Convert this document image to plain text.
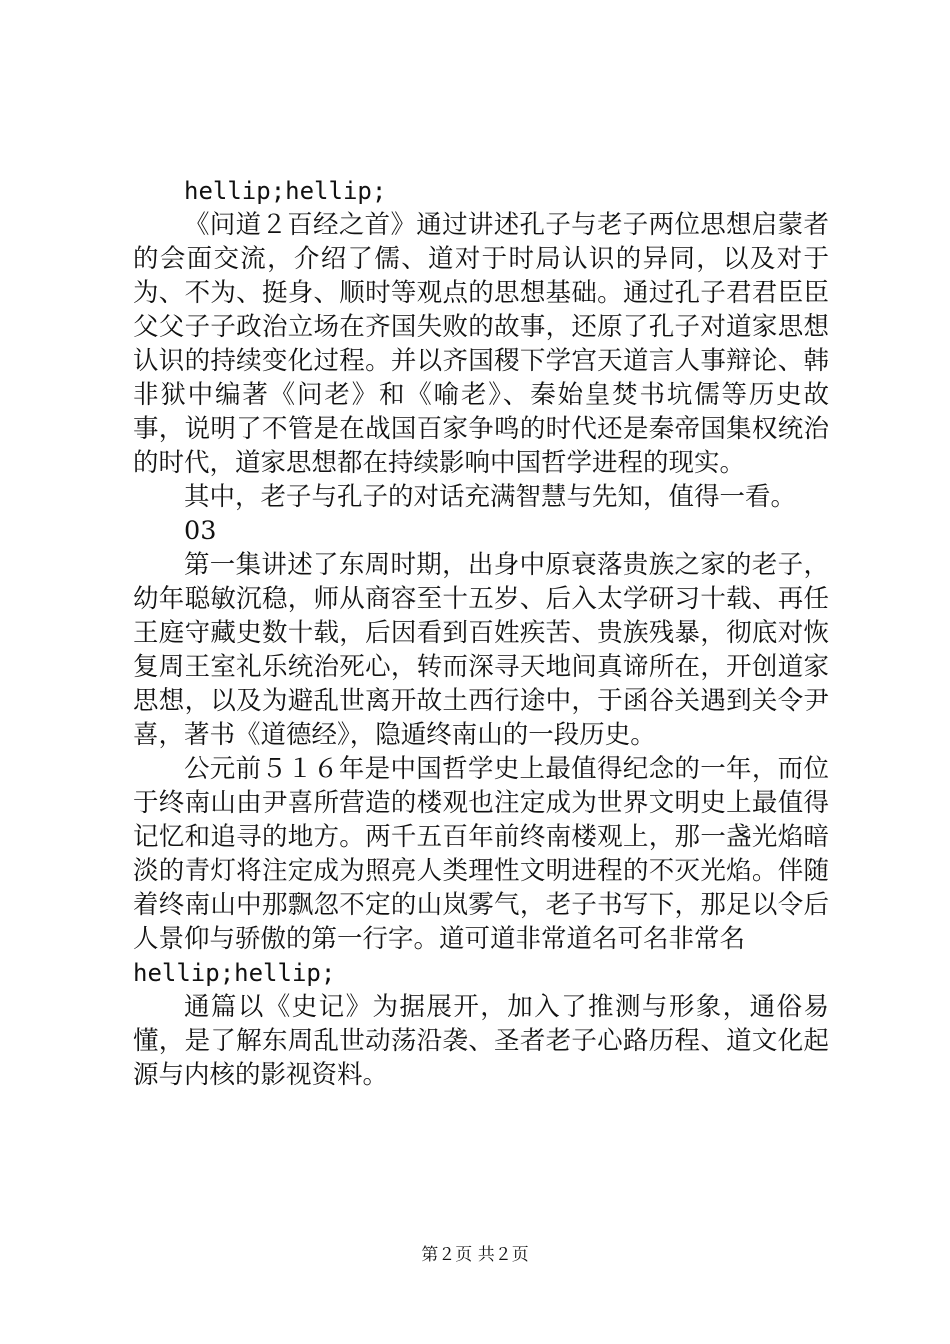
hellip;hellip;

《问道２百经之首》通过讲述孔子与老子两位思想启蒙者的会面交流，介绍了儒、道对于时局认识的异同，以及对于为、不为、挺身、顺时等观点的思想基础。通过孔子君君臣臣父父子子政治立场在齐国失败的故事，还原了孔子对道家思想认识的持续变化过程。并以齐国稷下学宫天道言人事辩论、韩非狱中编著《问老》和《喻老》、秦始皇焚书坑儒等历史故事，说明了不管是在战国百家争鸣的时代还是秦帝国集权统治的时代，道家思想都在持续影响中国哲学进程的现实。

其中，老子与孔子的对话充满智慧与先知，值得一看。

03

第一集讲述了东周时期，出身中原衰落贵族之家的老子，幼年聪敏沉稳，师从商容至十五岁、后入太学研习十载、再任王庭守藏史数十载，后因看到百姓疾苦、贵族残暴，彻底对恢复周王室礼乐统治死心，转而深寻天地间真谛所在，开创道家思想，以及为避乱世离开故土西行途中，于函谷关遇到关令尹喜，著书《道德经》，隐遁终南山的一段历史。

公元前５１６年是中国哲学史上最值得纪念的一年，而位于终南山由尹喜所营造的楼观也注定成为世界文明史上最值得记忆和追寻的地方。两千五百年前终南楼观上，那一盏光焰暗淡的青灯将注定成为照亮人类理性文明进程的不灭光焰。伴随着终南山中那飘忽不定的山岚雾气，老子书写下，那足以令后人景仰与骄傲的第一行字。道可道非常道名可名非常名

hellip;hellip;

通篇以《史记》为据展开，加入了推测与形象，通俗易懂，是了解东周乱世动荡沿袭、圣者老子心路历程、道文化起源与内核的影视资料。

第２页 共２页
